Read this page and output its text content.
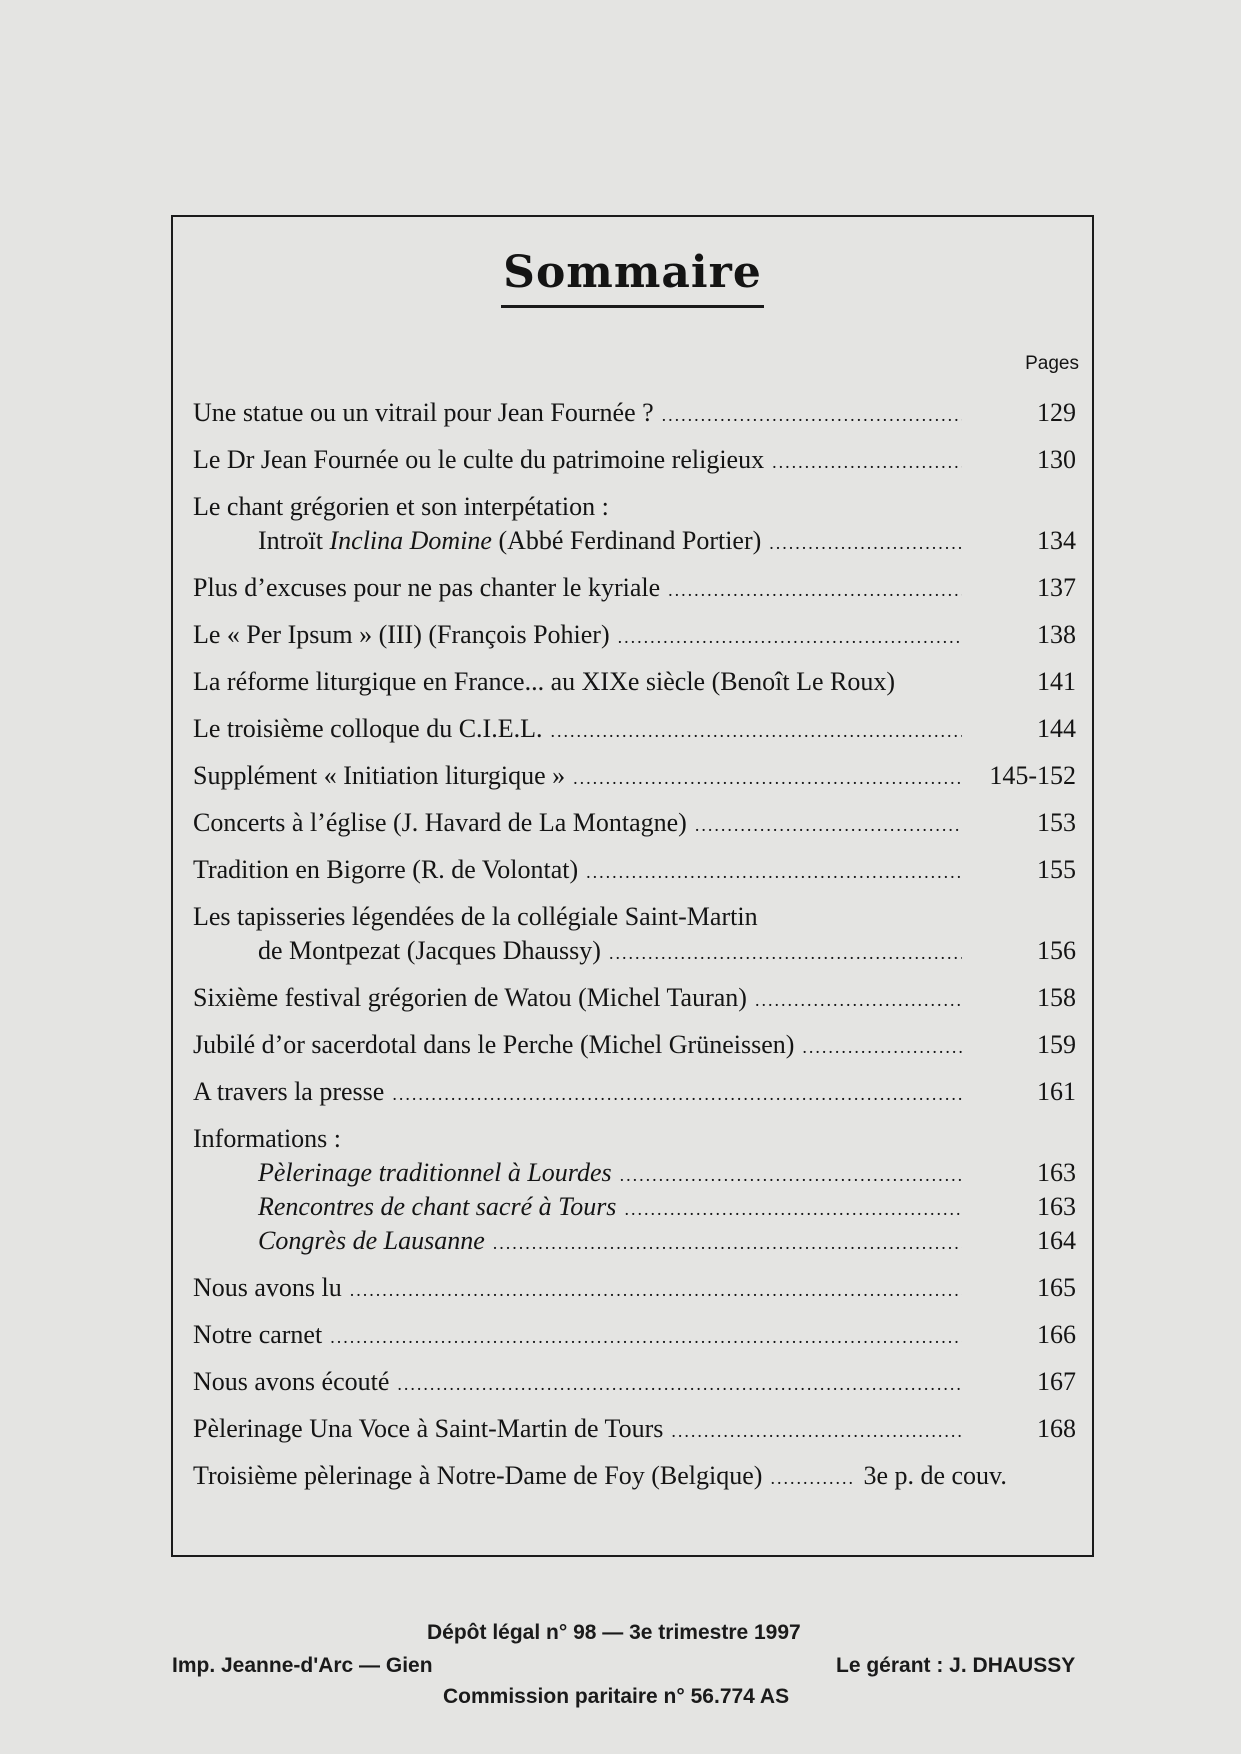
Sommaire
Pages
Une statue ou un vitrail pour Jean Fournée ? .....	129
Le Dr Jean Fournée ou le culte du patrimoine religieux .....	130
Le chant grégorien et son interpétation :
Introït Inclina Domine (Abbé Ferdinand Portier) .....	134
Plus d’excuses pour ne pas chanter le kyriale .....	137
Le « Per Ipsum » (III) (François Pohier) .....	138
La réforme liturgique en France... au XIXe siècle (Benoît Le Roux)	141
Le troisième colloque du C.I.E.L. .....	144
Supplément « Initiation liturgique » .....	145-152
Concerts à l’église (J. Havard de La Montagne) .....	153
Tradition en Bigorre (R. de Volontat) .....	155
Les tapisseries légendées de la collégiale Saint-Martin
de Montpezat (Jacques Dhaussy) .....	156
Sixième festival grégorien de Watou (Michel Tauran) .....	158
Jubilé d’or sacerdotal dans le Perche (Michel Grüneissen) .....	159
A travers la presse .....	161
Informations :
Pèlerinage traditionnel à Lourdes .....	163
Rencontres de chant sacré à Tours .....	163
Congrès de Lausanne .....	164
Nous avons lu .....	165
Notre carnet .....	166
Nous avons écouté .....	167
Pèlerinage Una Voce à Saint-Martin de Tours .....	168
Troisième pèlerinage à Notre-Dame de Foy (Belgique) .....	3e p. de couv.
Dépôt légal n° 98 — 3e trimestre 1997
Imp. Jeanne-d'Arc — Gien	Le gérant : J. DHAUSSY
Commission paritaire n° 56.774 AS
